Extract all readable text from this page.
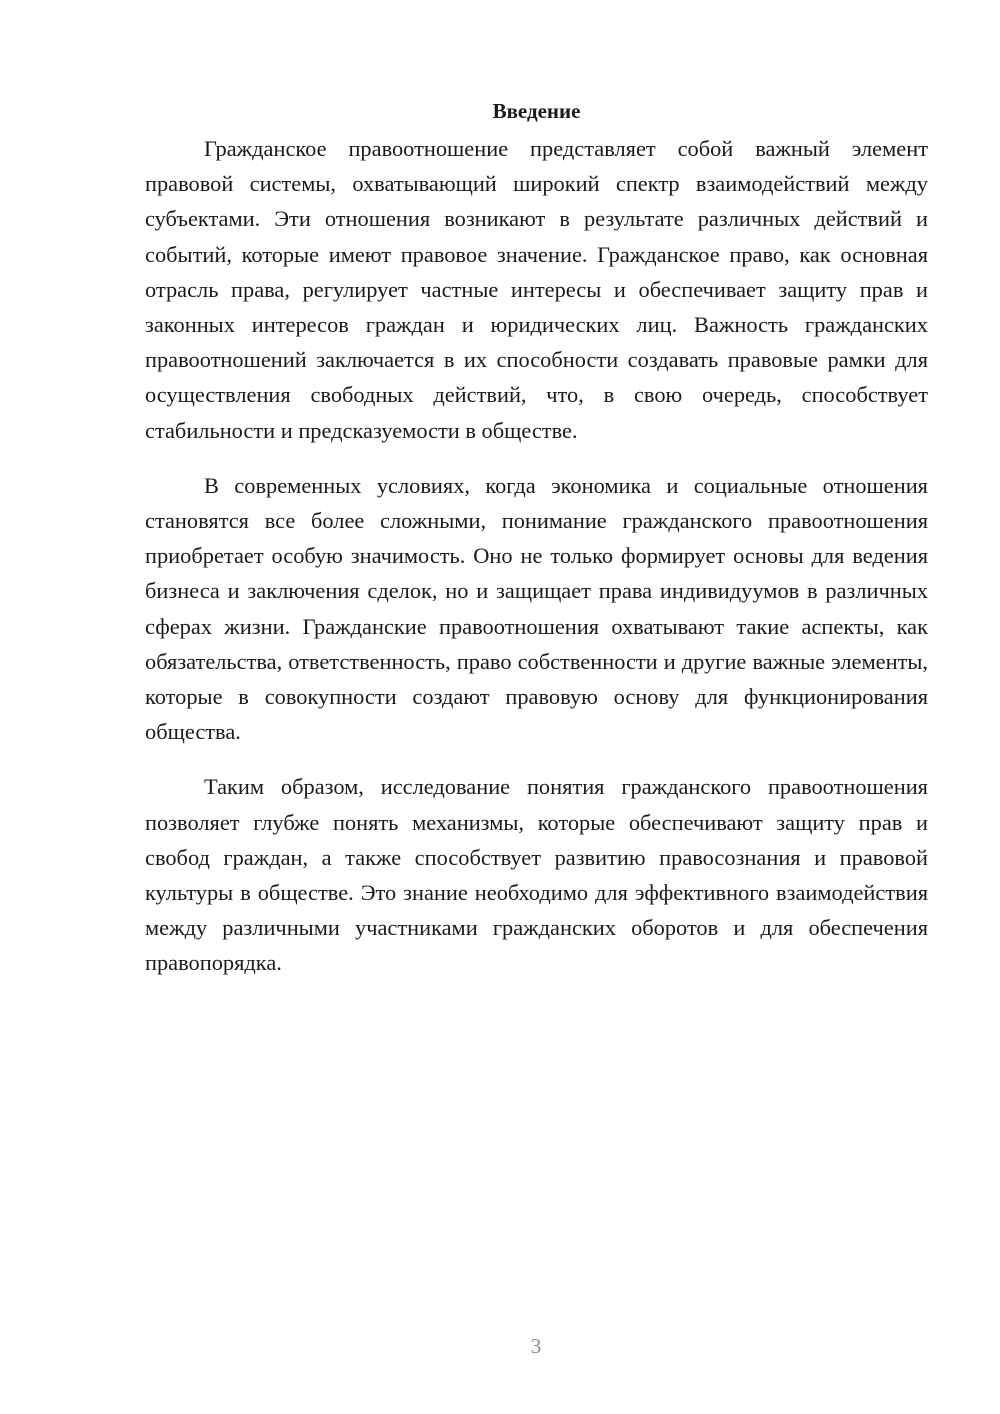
Введение

Гражданское правоотношение представляет собой важный элемент правовой системы, охватывающий широкий спектр взаимодействий между субъектами. Эти отношения возникают в результате различных действий и событий, которые имеют правовое значение. Гражданское право, как основная отрасль права, регулирует частные интересы и обеспечивает защиту прав и законных интересов граждан и юридических лиц. Важность гражданских правоотношений заключается в их способности создавать правовые рамки для осуществления свободных действий, что, в свою очередь, способствует стабильности и предсказуемости в обществе.

В современных условиях, когда экономика и социальные отношения становятся все более сложными, понимание гражданского правоотношения приобретает особую значимость. Оно не только формирует основы для ведения бизнеса и заключения сделок, но и защищает права индивидуумов в различных сферах жизни. Гражданские правоотношения охватывают такие аспекты, как обязательства, ответственность, право собственности и другие важные элементы, которые в совокупности создают правовую основу для функционирования общества.

Таким образом, исследование понятия гражданского правоотношения позволяет глубже понять механизмы, которые обеспечивают защиту прав и свобод граждан, а также способствует развитию правосознания и правовой культуры в обществе. Это знание необходимо для эффективного взаимодействия между различными участниками гражданских оборотов и для обеспечения правопорядка.

3
